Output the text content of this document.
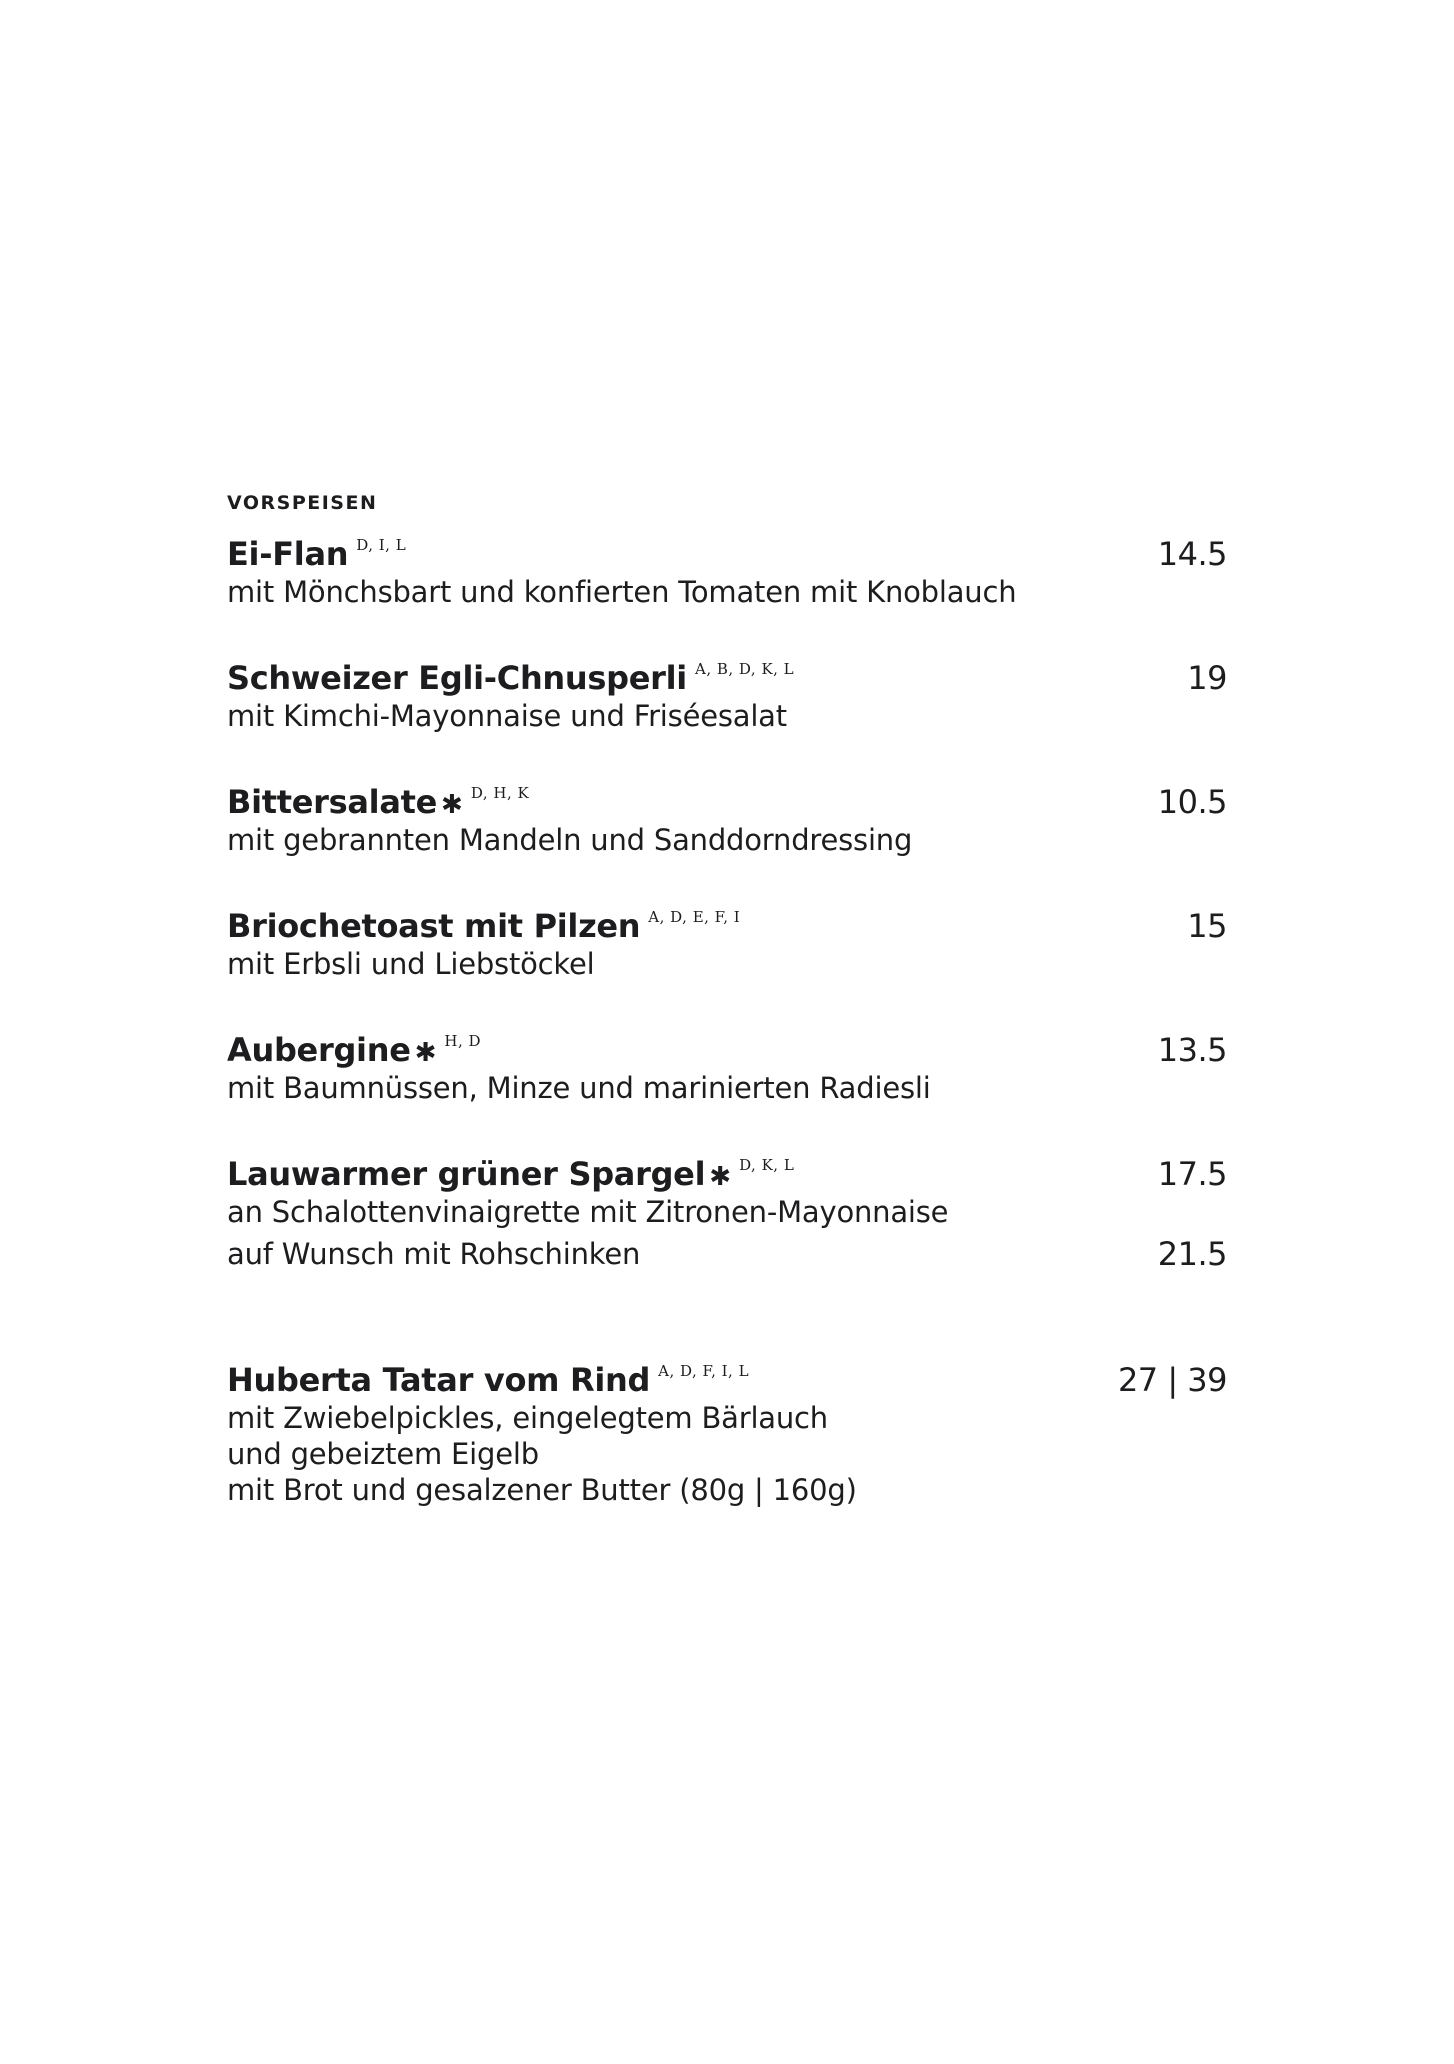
VORSPEISEN
Ei-Flan D, I, L	14.5
mit Mönchsbart und konfierten Tomaten mit Knoblauch
Schweizer Egli-Chnusperli A, B, D, K, L	19
mit Kimchi-Mayonnaise und Friséesalat
Bittersalate ✱ D, H, K	10.5
mit gebrannten Mandeln und Sanddorndressing
Briochetoast mit Pilzen A, D, E, F, I	15
mit Erbsli und Liebstöckel
Aubergine ✱ H, D	13.5
mit Baumnüssen, Minze und marinierten Radiesli
Lauwarmer grüner Spargel ✱ D, K, L	17.5
an Schalottenvinaigrette mit Zitronen-Mayonnaise
auf Wunsch mit Rohschinken	21.5
Huberta Tatar vom Rind A, D, F, I, L	27 | 39
mit Zwiebelpickles, eingelegtem Bärlauch
und gebeiztem Eigelb
mit Brot und gesalzener Butter (80g | 160g)
